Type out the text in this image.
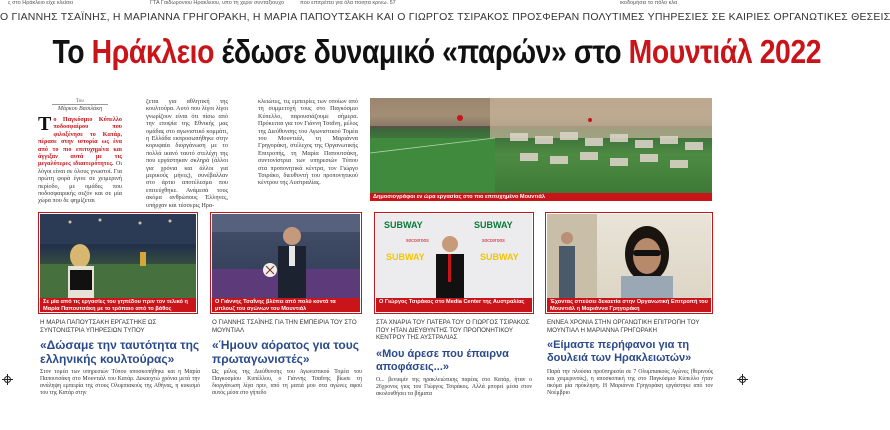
ς στο Ηράκλειο είχε κλείσει	ΓΤΑ Γαιδωρονιου Ηρακλειου, υπο τη χεριν συνταξιουχο	που επιτρέπει για όλα ποιητα κρινω. 57	ικοδομήσει το πόλο κλα
Ο ΓΙΑΝΝΗΣ ΤΣΑΪΝΗΣ, Η ΜΑΡΙΑΝΝΑ ΓΡΗΓΟΡΑΚΗ, Η ΜΑΡΙΑ ΠΑΠΟΥΤΣΑΚΗ ΚΑΙ Ο ΓΙΩΡΓΟΣ ΤΣΙΡΑΚΟΣ ΠΡΟΣΦΕΡΑΝ ΠΟΛΥΤΙΜΕΣ ΥΠΗΡΕΣΙΕΣ ΣΕ ΚΑΙΡΙΕΣ ΟΡΓΑΝΩΤΙΚΕΣ ΘΕΣΕΙΣ
Το Ηράκλειο έδωσε δυναμικό «παρών» στο Μουντιάλ 2022
Του
Μάρκου Βασιλάκη
Τ ο Παγκόσμιο Κύπελλο ποδοσφαίρου που φιλοξένησε το Κατάρ, πέρασε στην ιστορία ως ένα από το πιο επιτυχημένα και άγγιξαν αυτά με τις μεγαλύτερες ιδιαιτερότητες. Οι λόγοι είναι σε όλους γνωστοί. Για πρώτη φορά έγινε σε χειμερινή περίοδο, με ομάδες που ποδοσφαιρικής σεζόν και σε μία χώρα που δε φημίζεται
ζεται για αθλητική της κουλτούρα. Αυτό που λίγοι λίγοι γνωρίζουν είναι ότι πίσω από την εποψία της Εθνικής μας ομάδας στο αγωνιστικό κομμάτι, η Ελλάδα εκπροσωπήθηκε στην κορυφαία διοργάνωση με το πολλά ικανό ταυτό στελέχη της που εργάστηκαν σκληρά (άλλοι για χρόνια και άλλοι για μερικούς μήνες), συνέβαλλαν στο άρτιο αποτέλεσμα που επιτεύχθηκε. Ανάμεσά τους ακόμα ανθρώπους Έλληνες, υπήρχαν και τέσσερις Ηρα-
κλειώτες, τις εμπειρίες των οποίων από τη συμμετοχή τους στο Παγκόσμιο Κύπελλο, παρουσιάζουμε σήμερα. Πρόκειται για τον Γιάννη Τσαΐνη, μέλος της Διεύθυνσης του Αγωνιστικού Τομέα του Μουντιάλ, τη Μαριάννα Γρηγοράκη, στέλεχος της Οργανωτικής Επιτροπής, τη Μαρία Παπουτσάκη, συντονίστρια των υπηρεσιών Τύπου στα προπονητικά κέντρα, τον Γιώργο Τσιράκο, διευθυντή του προπονητικού κέντρου της Αυστραλίας.
Δημοσιογράφοι εν ώρα εργασίας στο πιο επιτυχημένο Μουντιάλ
Σε μία από τις εργασίες του γηπέδου πριν τον τελικό η Μαρία Παπουτσάκη με το τρόπαιο από το βάθος
Ο Γιάννης Τσαΐνης βλέπει από πολύ κοντά τα μπλουζ του αγώνων του Μουντιάλ
SUBWAY	SUBWAY
SUBWAY	SUBWAY
socceroos	socceroos
Ο Γιώργος Τσιράκος στο Media Center της Αυστραλίας	Έχοντας σπεύσει δεκαετία στην Οργανωτική Επιτροπή του Μουντιάλ η Μαριάννα Γρηγοράκη
Η ΜΑΡΙΑ ΠΑΠΟΥΤΣΑΚΗ ΕΡΓΑΣΤΗΚΕ ΩΣ ΣΥΝΤΟΝΙΣΤΡΙΑ ΥΠΗΡΕΣΙΩΝ ΤΥΠΟΥ
«Δώσαμε την ταυτότητα της ελληνικής κουλτούρας»
Στον τομέα των υπηρεσιών Τύπου αποσκοπήθηκε και η Μαρία Παπουτσάκη στο Μουντιάλ του Κατάρ. Δεκαοχτώ χρόνια μετά την ανάληψη εμπειρία της στους Ολυμπιακούς της Αθήνας, η κυκισμό του της Κατάρ στην
Ο ΓΙΑΝΝΗΣ ΤΣΑΪΝΗΣ ΓΙΑ ΤΗΝ ΕΜΠΕΙΡΙΑ ΤΟΥ ΣΤΟ ΜΟΥΝΤΙΑΛ
«Ήμουν αόρατος για τους πρωταγωνιστές»
Ως μέλος της Διεύθυνσης του Αγωνιστικού Τομέα του Παγκοσμίου Κυπέλλου, ο Γιάννης Τσαΐνης βίωσε τη διοργάνωση λίγα πριν, από τη ματιά μου στα αγώνες αφού αυτός μέσα στο γήπεδο
ΣΤΑ ΧΝΑΡΙΑ ΤΟΥ ΠΑΤΕΡΑ ΤΟΥ Ο ΓΙΩΡΓΟΣ ΤΣΙΡΑΚΟΣ ΠΟΥ ΗΤΑΝ ΔΙΕΥΘΥΝΤΗΣ ΤΟΥ ΠΡΟΠΟΝΗΤΙΚΟΥ ΚΕΝΤΡΟΥ ΤΗΣ ΑΥΣΤΡΑΛΙΑΣ
«Μου άρεσε που έπαιρνα αποφάσεις...»
Ο... βενιαμίν της ηρακλειώτικης παρέας στο Κατάρ, ήταν ο 26χρονος γιος του Γιώργος Τσιράκος. Αλλά μπορεί μέσα στον ακολουθήσει τα βήματα
ΕΝΝΕΑ ΧΡΟΝΙΑ ΣΤΗΝ ΟΡΓΑΝΩΤΙΚΗ ΕΠΙΤΡΟΠΗ ΤΟΥ ΜΟΥΝΤΙΑΛ Η ΜΑΡΙΑΝΝΑ ΓΡΗΓΟΡΑΚΗ
«Είμαστε περήφανοι για τη δουλειά των Ηρακλειωτών»
Παρά την πλούσια προϋπηρεσία σε 7 Ολυμπιακούς Αγώνες (θερινούς και χειμερινούς), η αποσκοπική της στο Παγκόσμιο Κύπελλο ήταν ακόμα μία πρόκληση. Η Μαριάννα Γρηγοράκη εργάστηκε από τον Νοέμβριο
